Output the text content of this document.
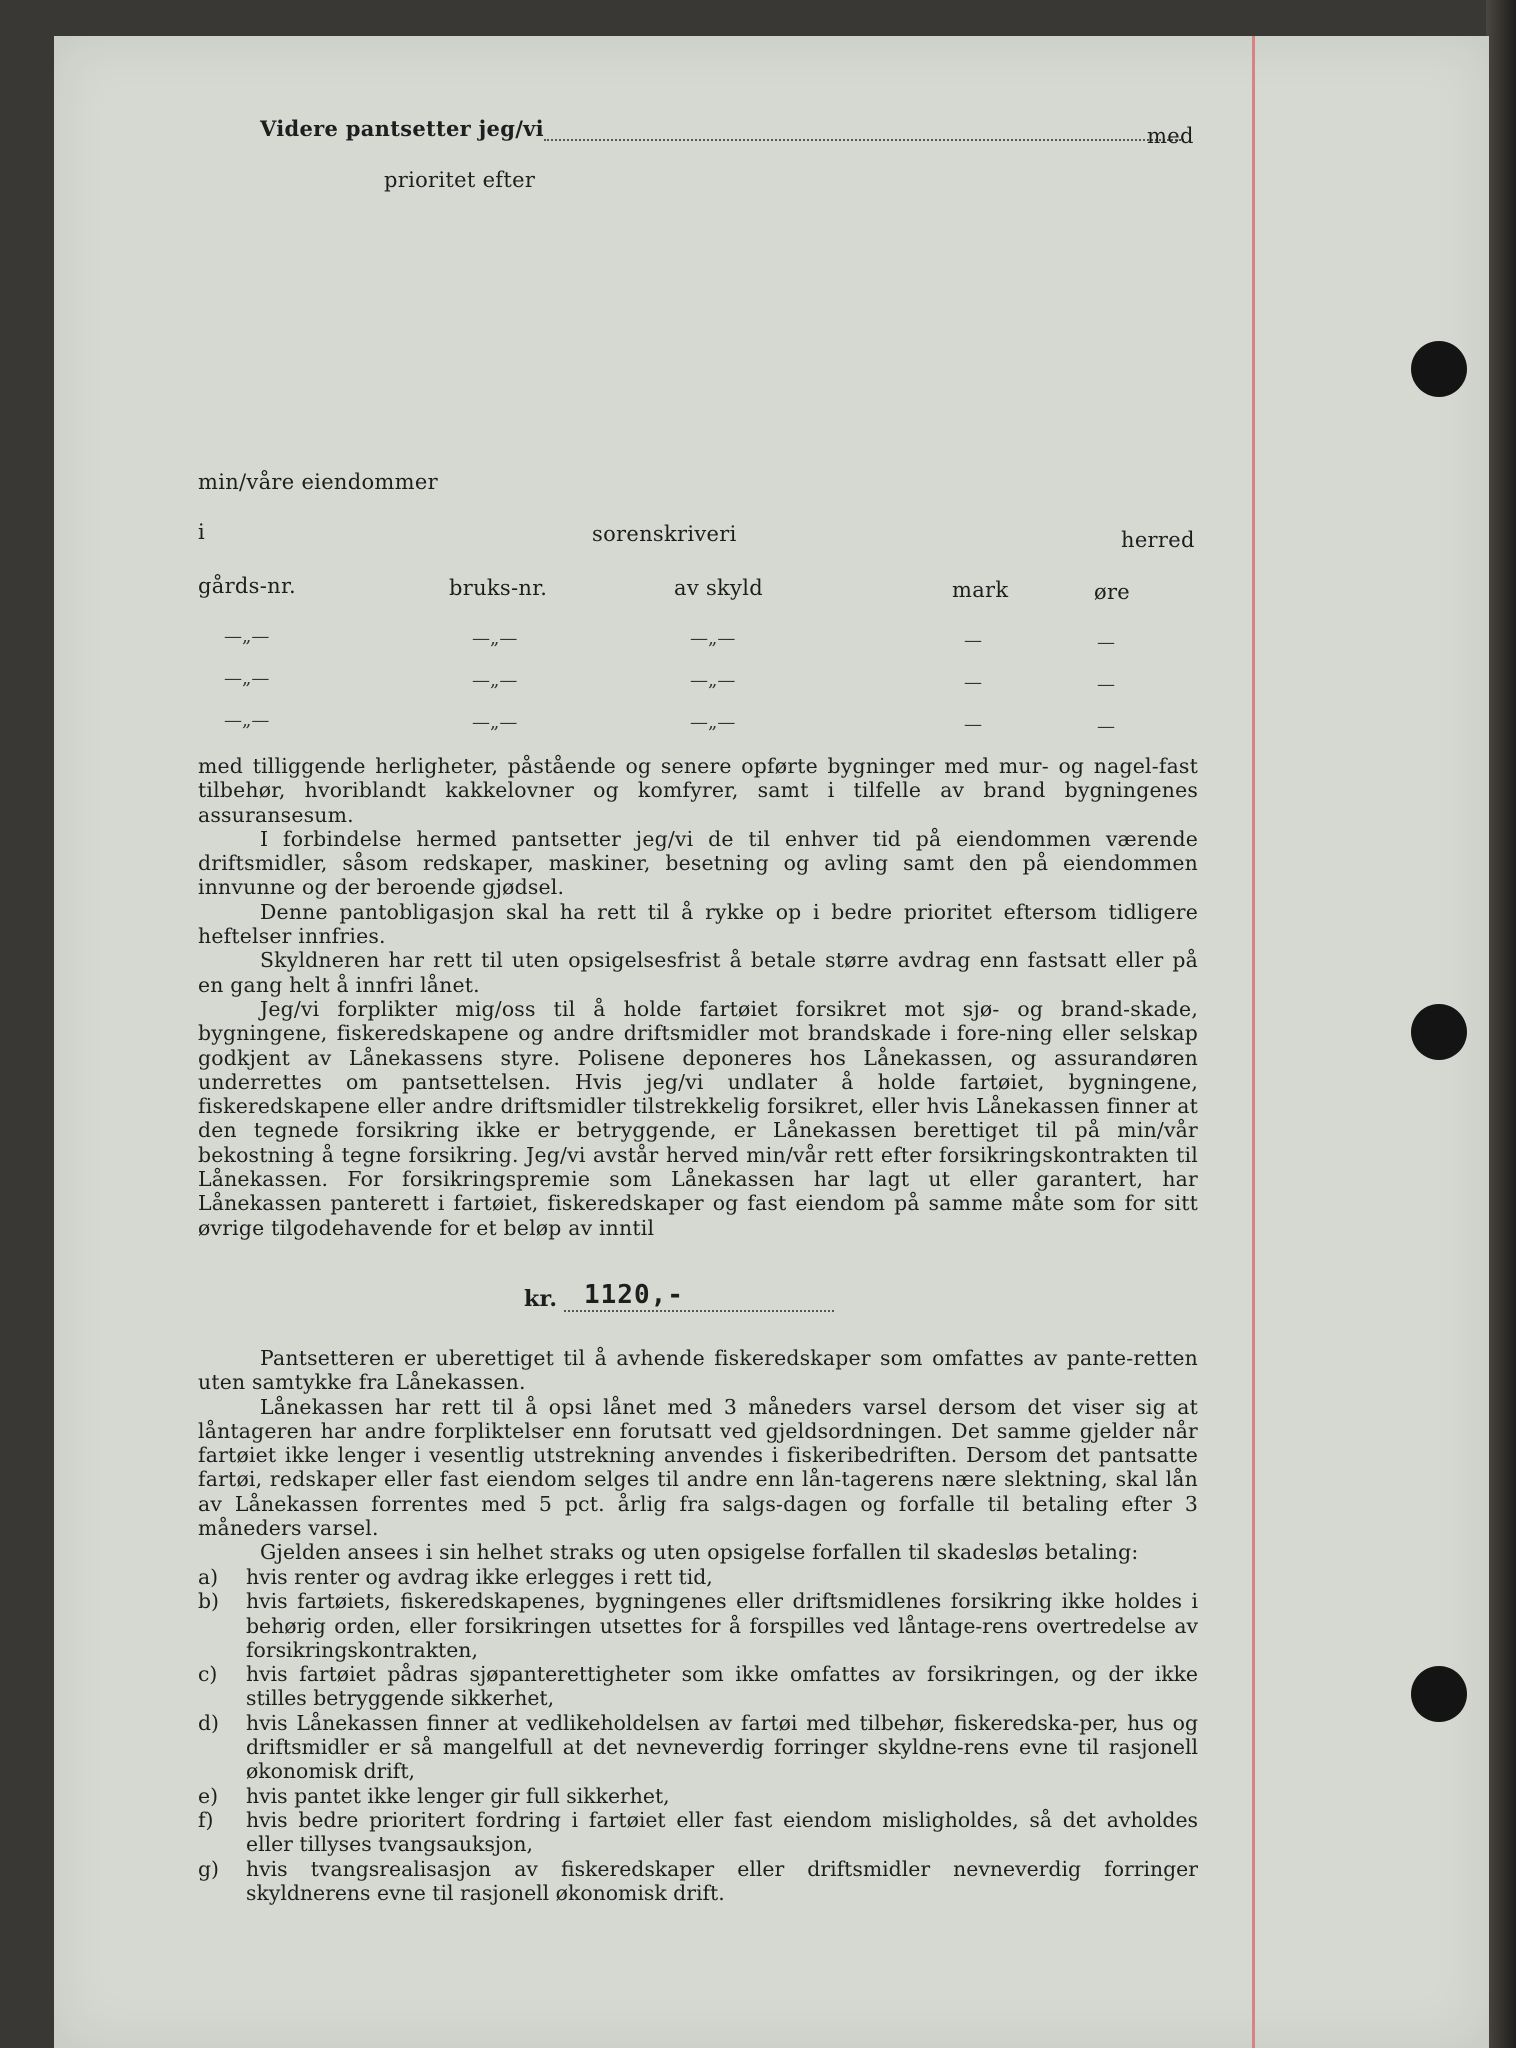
Videre pantsetter jeg/vi	med
prioritet efter
min/våre eiendommer
i	sorenskriveri	herred
gårds-nr.	bruks-nr.	av skyld	mark	øre
—„—	—„—	—„—	—	—
—„—	—„—	—„—	—	—
—„—	—„—	—„—	—	—

med tilliggende herligheter, påstående og senere opførte bygninger med mur- og nagel-fast tilbehør, hvoriblandt kakkelovner og komfyrer, samt i tilfelle av brand bygningenes assuransesum.

I forbindelse hermed pantsetter jeg/vi de til enhver tid på eiendommen værende driftsmidler, såsom redskaper, maskiner, besetning og avling samt den på eiendommen innvunne og der beroende gjødsel.

Denne pantobligasjon skal ha rett til å rykke op i bedre prioritet eftersom tidligere heftelser innfries.

Skyldneren har rett til uten opsigelsesfrist å betale større avdrag enn fastsatt eller på en gang helt å innfri lånet.

Jeg/vi forplikter mig/oss til å holde fartøiet forsikret mot sjø- og brand-skade, bygningene, fiskeredskapene og andre driftsmidler mot brandskade i fore-ning eller selskap godkjent av Lånekassens styre. Polisene deponeres hos Lånekassen, og assurandøren underrettes om pantsettelsen. Hvis jeg/vi undlater å holde fartøiet, bygningene, fiskeredskapene eller andre driftsmidler tilstrekkelig forsikret, eller hvis Lånekassen finner at den tegnede forsikring ikke er betryggende, er Lånekassen berettiget til på min/vår bekostning å tegne forsikring. Jeg/vi avstår herved min/vår rett efter forsikringskontrakten til Lånekassen. For forsikringspremie som Lånekassen har lagt ut eller garantert, har Lånekassen panterett i fartøiet, fiskeredskaper og fast eiendom på samme måte som for sitt øvrige tilgodehavende for et beløp av inntil

kr. 1120,-

Pantsetteren er uberettiget til å avhende fiskeredskaper som omfattes av pante-retten uten samtykke fra Lånekassen.

Lånekassen har rett til å opsi lånet med 3 måneders varsel dersom det viser sig at låntageren har andre forpliktelser enn forutsatt ved gjeldsordningen. Det samme gjelder når fartøiet ikke lenger i vesentlig utstrekning anvendes i fiskeribedriften. Dersom det pantsatte fartøi, redskaper eller fast eiendom selges til andre enn lån-tagerens nære slektning, skal lån av Lånekassen forrentes med 5 pct. årlig fra salgs-dagen og forfalle til betaling efter 3 måneders varsel.

Gjelden ansees i sin helhet straks og uten opsigelse forfallen til skadesløs betaling:

a)	hvis renter og avdrag ikke erlegges i rett tid,
b)	hvis fartøiets, fiskeredskapenes, bygningenes eller driftsmidlenes forsikring ikke holdes i behørig orden, eller forsikringen utsettes for å forspilles ved låntage-rens overtredelse av forsikringskontrakten,
c)	hvis fartøiet pådras sjøpanterettigheter som ikke omfattes av forsikringen, og der ikke stilles betryggende sikkerhet,
d)	hvis Lånekassen finner at vedlikeholdelsen av fartøi med tilbehør, fiskeredska-per, hus og driftsmidler er så mangelfull at det nevneverdig forringer skyldne-rens evne til rasjonell økonomisk drift,
e)	hvis pantet ikke lenger gir full sikkerhet,
f)	hvis bedre prioritert fordring i fartøiet eller fast eiendom misligholdes, så det avholdes eller tillyses tvangsauksjon,
g)	hvis tvangsrealisasjon av fiskeredskaper eller driftsmidler nevneverdig forringer skyldnerens evne til rasjonell økonomisk drift.
